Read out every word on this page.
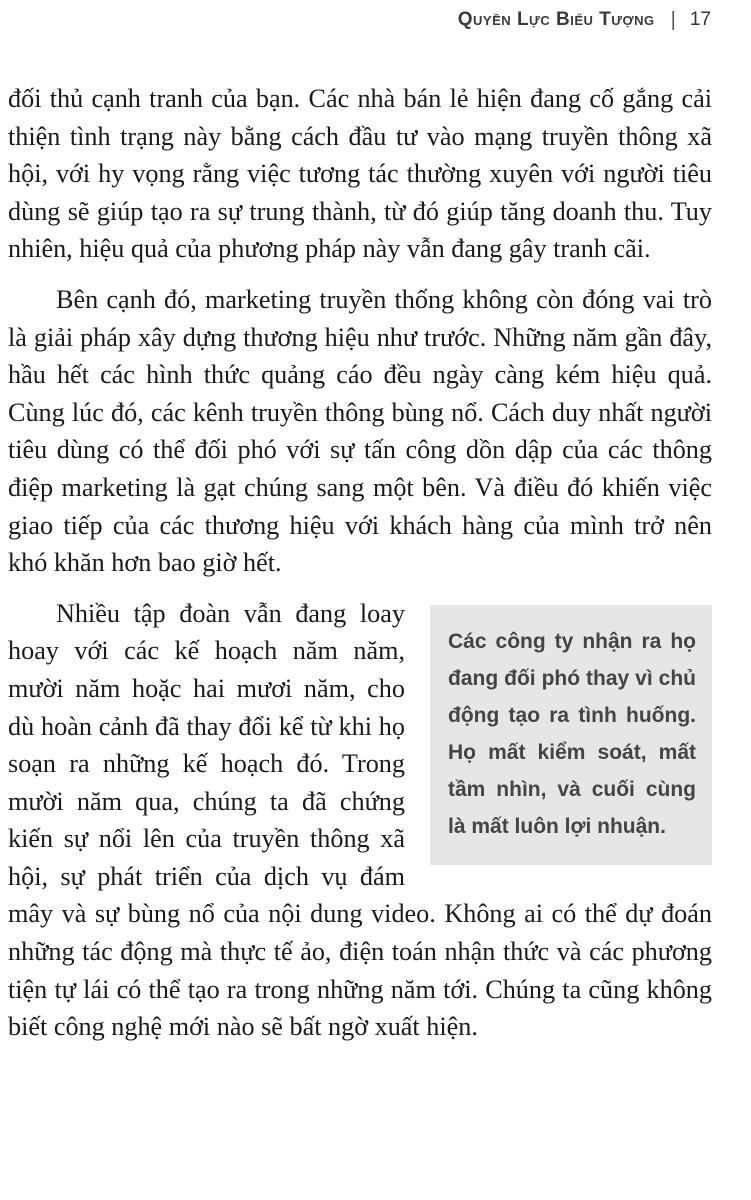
Quyền Lực Biểu Tượng | 17

đối thủ cạnh tranh của bạn. Các nhà bán lẻ hiện đang cố gắng cải thiện tình trạng này bằng cách đầu tư vào mạng truyền thông xã hội, với hy vọng rằng việc tương tác thường xuyên với người tiêu dùng sẽ giúp tạo ra sự trung thành, từ đó giúp tăng doanh thu. Tuy nhiên, hiệu quả của phương pháp này vẫn đang gây tranh cãi.

Bên cạnh đó, marketing truyền thống không còn đóng vai trò là giải pháp xây dựng thương hiệu như trước. Những năm gần đây, hầu hết các hình thức quảng cáo đều ngày càng kém hiệu quả. Cùng lúc đó, các kênh truyền thông bùng nổ. Cách duy nhất người tiêu dùng có thể đối phó với sự tấn công dồn dập của các thông điệp marketing là gạt chúng sang một bên. Và điều đó khiến việc giao tiếp của các thương hiệu với khách hàng của mình trở nên khó khăn hơn bao giờ hết.

Các công ty nhận ra họ đang đối phó thay vì chủ động tạo ra tình huống. Họ mất kiểm soát, mất tầm nhìn, và cuối cùng là mất luôn lợi nhuận.

Nhiều tập đoàn vẫn đang loay hoay với các kế hoạch năm năm, mười năm hoặc hai mươi năm, cho dù hoàn cảnh đã thay đổi kể từ khi họ soạn ra những kế hoạch đó. Trong mười năm qua, chúng ta đã chứng kiến sự nổi lên của truyền thông xã hội, sự phát triển của dịch vụ đám mây và sự bùng nổ của nội dung video. Không ai có thể dự đoán những tác động mà thực tế ảo, điện toán nhận thức và các phương tiện tự lái có thể tạo ra trong những năm tới. Chúng ta cũng không biết công nghệ mới nào sẽ bất ngờ xuất hiện.
